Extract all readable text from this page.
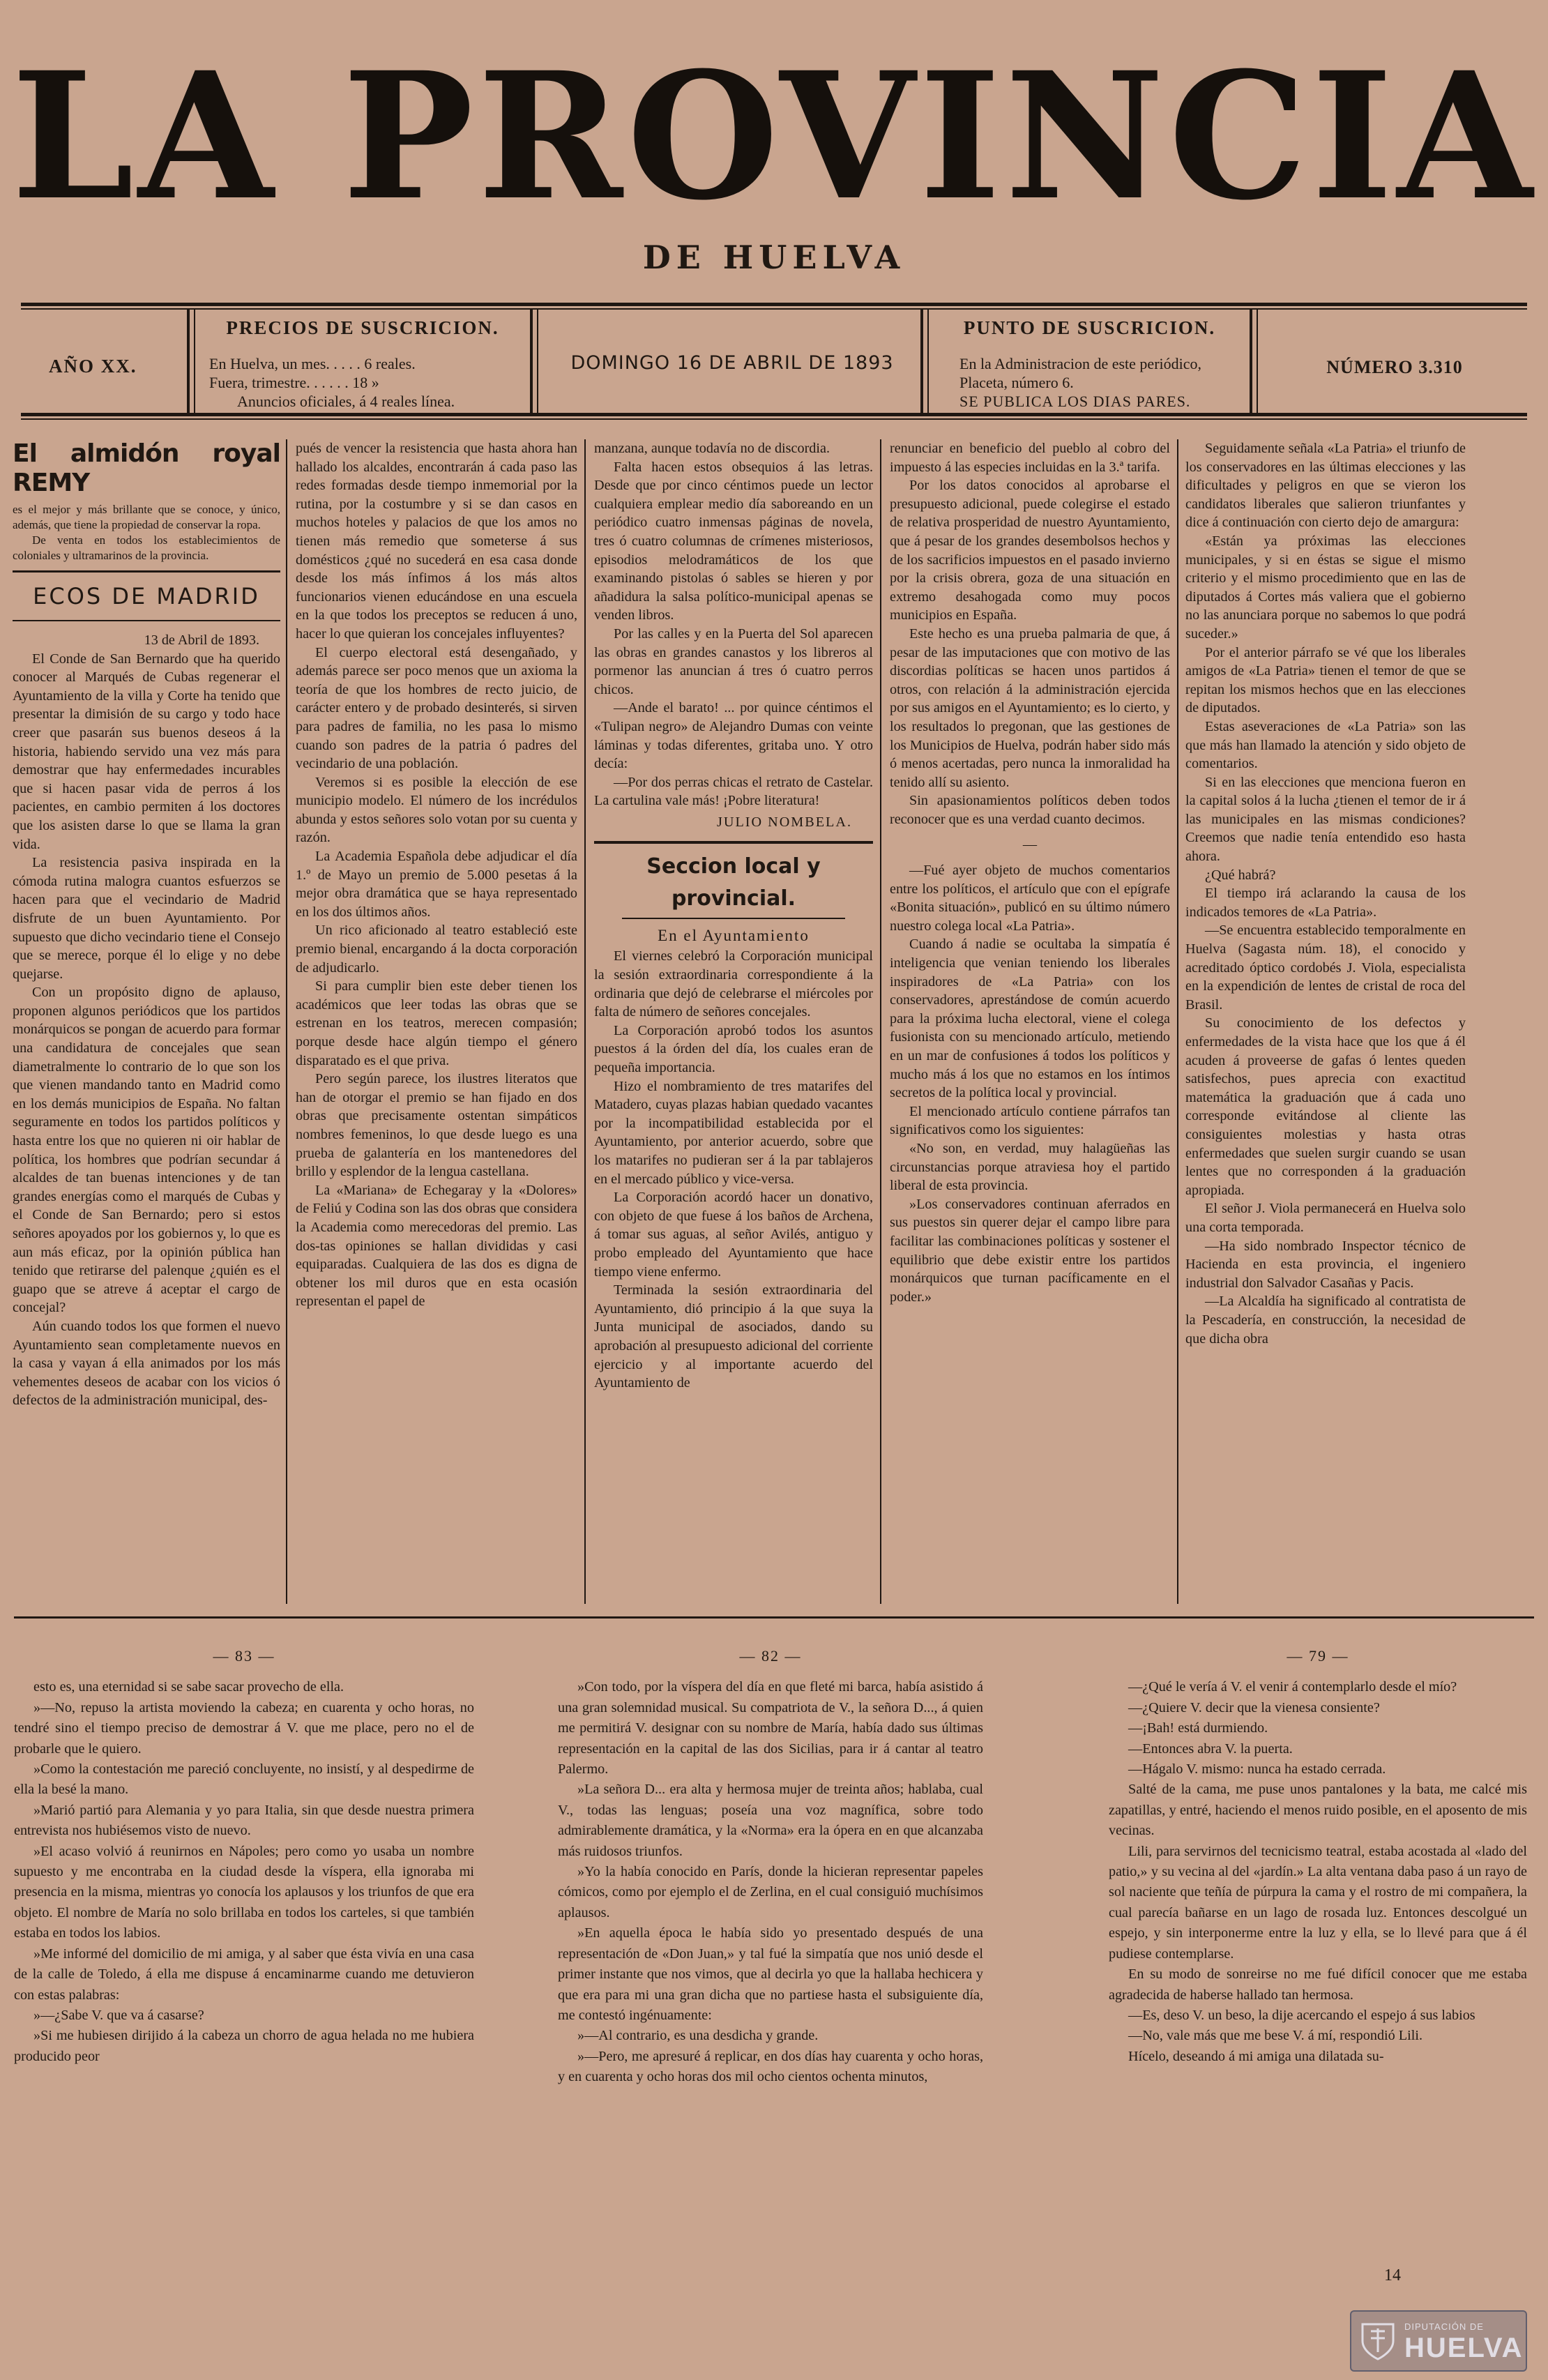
LA PROVINCIA
DE HUELVA
AÑO XX.
PRECIOS DE SUSCRICION.
En Huelva, un mes. . . . . 6 reales.
Fuera, trimestre. . . . . . 18 »
Anuncios oficiales, á 4 reales línea.
DOMINGO 16 DE ABRIL DE 1893
PUNTO DE SUSCRICION.
En la Administracion de este periódico,
Placeta, número 6.
SE PUBLICA LOS DIAS PARES.
NÚMERO 3.310
El almidón royal REMY

es el mejor y más brillante que se conoce, y único, además, que tiene la propiedad de conservar la ropa.

De venta en todos los establecimientos de coloniales y ultramarinos de la provincia.

ECOS DE MADRID

13 de Abril de 1893.

El Conde de San Bernardo que ha querido conocer al Marqués de Cubas regenerar el Ayuntamiento de la villa y Corte ha tenido que presentar la dimisión de su cargo y todo hace creer que pasarán sus buenos deseos á la historia, habiendo servido una vez más para demostrar que hay enfermedades incurables que si hacen pasar vida de perros á los pacientes, en cambio permiten á los doctores que los asisten darse lo que se llama la gran vida.

La resistencia pasiva inspirada en la cómoda rutina malogra cuantos esfuerzos se hacen para que el vecindario de Madrid disfrute de un buen Ayuntamiento. Por supuesto que dicho vecindario tiene el Consejo que se merece, porque él lo elige y no debe quejarse.

Con un propósito digno de aplauso, proponen algunos periódicos que los partidos monárquicos se pongan de acuerdo para formar una candidatura de concejales que sean diametralmente lo contrario de lo que son los que vienen mandando tanto en Madrid como en los demás municipios de España. No faltan seguramente en todos los partidos políticos y hasta entre los que no quieren ni oir hablar de política, los hombres que podrían secundar á alcaldes de tan buenas intenciones y de tan grandes energías como el marqués de Cubas y el Conde de San Bernardo; pero si estos señores apoyados por los gobiernos y, lo que es aun más eficaz, por la opinión pública han tenido que retirarse del palenque ¿quién es el guapo que se atreve á aceptar el cargo de concejal?

Aún cuando todos los que formen el nuevo Ayuntamiento sean completamente nuevos en la casa y vayan á ella animados por los más vehementes deseos de acabar con los vicios ó defectos de la administración municipal, des-

pués de vencer la resistencia que hasta ahora han hallado los alcaldes, encontrarán á cada paso las redes formadas desde tiempo inmemorial por la rutina, por la costumbre y si se dan casos en muchos hoteles y palacios de que los amos no tienen más remedio que someterse á sus domésticos ¿qué no sucederá en esa casa donde desde los más ínfimos á los más altos funcionarios vienen educándose en una escuela en la que todos los preceptos se reducen á uno, hacer lo que quieran los concejales influyentes?

El cuerpo electoral está desengañado, y además parece ser poco menos que un axioma la teoría de que los hombres de recto juicio, de carácter entero y de probado desinterés, si sirven para padres de familia, no les pasa lo mismo cuando son padres de la patria ó padres del vecindario de una población.

Veremos si es posible la elección de ese municipio modelo. El número de los incrédulos abunda y estos señores solo votan por su cuenta y razón.

La Academia Española debe adjudicar el día 1.º de Mayo un premio de 5.000 pesetas á la mejor obra dramática que se haya representado en los dos últimos años.

Un rico aficionado al teatro estableció este premio bienal, encargando á la docta corporación de adjudicarlo.

Si para cumplir bien este deber tienen los académicos que leer todas las obras que se estrenan en los teatros, merecen compasión; porque desde hace algún tiempo el género disparatado es el que priva.

Pero según parece, los ilustres literatos que han de otorgar el premio se han fijado en dos obras que precisamente ostentan simpáticos nombres femeninos, lo que desde luego es una prueba de galantería en los mantenedores del brillo y esplendor de la lengua castellana.

La «Mariana» de Echegaray y la «Dolores» de Feliú y Codina son las dos obras que considera la Academia como merecedoras del premio. Las dos-tas opiniones se hallan divididas y casi equiparadas. Cualquiera de las dos es digna de obtener los mil duros que en esta ocasión representan el papel de

manzana, aunque todavía no de discordia.

Falta hacen estos obsequios á las letras. Desde que por cinco céntimos puede un lector cualquiera emplear medio día saboreando en un periódico cuatro inmensas páginas de novela, tres ó cuatro columnas de crímenes misteriosos, episodios melodramáticos de los que examinando pistolas ó sables se hieren y por añadidura la salsa político-municipal apenas se venden libros.

Por las calles y en la Puerta del Sol aparecen las obras en grandes canastos y los libreros al pormenor las anuncian á tres ó cuatro perros chicos.

—Ande el barato! ... por quince céntimos el «Tulipan negro» de Alejandro Dumas con veinte láminas y todas diferentes, gritaba uno. Y otro decía:

—Por dos perras chicas el retrato de Castelar. La cartulina vale más! ¡Pobre literatura!

JULIO NOMBELA.

Seccion local y provincial.
En el Ayuntamiento

El viernes celebró la Corporación municipal la sesión extraordinaria correspondiente á la ordinaria que dejó de celebrarse el miércoles por falta de número de señores concejales.

La Corporación aprobó todos los asuntos puestos á la órden del día, los cuales eran de pequeña importancia.

Hizo el nombramiento de tres matarifes del Matadero, cuyas plazas habian quedado vacantes por la incompatibilidad establecida por el Ayuntamiento, por anterior acuerdo, sobre que los matarifes no pudieran ser á la par tablajeros en el mercado público y vice-versa.

La Corporación acordó hacer un donativo, con objeto de que fuese á los baños de Archena, á tomar sus aguas, al señor Avilés, antiguo y probo empleado del Ayuntamiento que hace tiempo viene enfermo.

Terminada la sesión extraordinaria del Ayuntamiento, dió principio á la que suya la Junta municipal de asociados, dando su aprobación al presupuesto adicional del corriente ejercicio y al importante acuerdo del Ayuntamiento de

renunciar en beneficio del pueblo al cobro del impuesto á las especies incluidas en la 3.ª tarifa.

Por los datos conocidos al aprobarse el presupuesto adicional, puede colegirse el estado de relativa prosperidad de nuestro Ayuntamiento, que á pesar de los grandes desembolsos hechos y de los sacrificios impuestos en el pasado invierno por la crisis obrera, goza de una situación en extremo desahogada como muy pocos municipios en España.

Este hecho es una prueba palmaria de que, á pesar de las imputaciones que con motivo de las discordias políticas se hacen unos partidos á otros, con relación á la administración ejercida por sus amigos en el Ayuntamiento; es lo cierto, y los resultados lo pregonan, que las gestiones de los Municipios de Huelva, podrán haber sido más ó menos acertadas, pero nunca la inmoralidad ha tenido allí su asiento.

Sin apasionamientos políticos deben todos reconocer que es una verdad cuanto decimos.

—

—Fué ayer objeto de muchos comentarios entre los políticos, el artículo que con el epígrafe «Bonita situación», publicó en su último número nuestro colega local «La Patria».

Cuando á nadie se ocultaba la simpatía é inteligencia que venian teniendo los liberales inspiradores de «La Patria» con los conservadores, aprestándose de común acuerdo para la próxima lucha electoral, viene el colega fusionista con su mencionado artículo, metiendo en un mar de confusiones á todos los políticos y mucho más á los que no estamos en los íntimos secretos de la política local y provincial.

El mencionado artículo contiene párrafos tan significativos como los siguientes:

«No son, en verdad, muy halagüeñas las circunstancias porque atraviesa hoy el partido liberal de esta provincia.

»Los conservadores continuan aferrados en sus puestos sin querer dejar el campo libre para facilitar las combinaciones políticas y sostener el equilibrio que debe existir entre los partidos monárquicos que turnan pacíficamente en el poder.»

Seguidamente señala «La Patria» el triunfo de los conservadores en las últimas elecciones y las dificultades y peligros en que se vieron los candidatos liberales que salieron triunfantes y dice á continuación con cierto dejo de amargura:

«Están ya próximas las elecciones municipales, y si en éstas se sigue el mismo criterio y el mismo procedimiento que en las de diputados á Cortes más valiera que el gobierno no las anunciara porque no sabemos lo que podrá suceder.»

Por el anterior párrafo se vé que los liberales amigos de «La Patria» tienen el temor de que se repitan los mismos hechos que en las elecciones de diputados.

Estas aseveraciones de «La Patria» son las que más han llamado la atención y sido objeto de comentarios.

Si en las elecciones que menciona fueron en la capital solos á la lucha ¿tienen el temor de ir á las municipales en las mismas condiciones? Creemos que nadie tenía entendido eso hasta ahora.

¿Qué habrá?

El tiempo irá aclarando la causa de los indicados temores de «La Patria».

—Se encuentra establecido temporalmente en Huelva (Sagasta núm. 18), el conocido y acreditado óptico cordobés J. Viola, especialista en la expendición de lentes de cristal de roca del Brasil.

Su conocimiento de los defectos y enfermedades de la vista hace que los que á él acuden á proveerse de gafas ó lentes queden satisfechos, pues aprecia con exactitud matemática la graduación que á cada uno corresponde evitándose al cliente las consiguientes molestias y hasta otras enfermedades que suelen surgir cuando se usan lentes que no corresponden á la graduación apropiada.

El señor J. Viola permanecerá en Huelva solo una corta temporada.

—Ha sido nombrado Inspector técnico de Hacienda en esta provincia, el ingeniero industrial don Salvador Casañas y Pacis.

—La Alcaldía ha significado al contratista de la Pescadería, en construcción, la necesidad de que dicha obra

— 83 —

esto es, una eternidad si se sabe sacar provecho de ella.

»—No, repuso la artista moviendo la cabeza; en cuarenta y ocho horas, no tendré sino el tiempo preciso de demostrar á V. que me place, pero no el de probarle que le quiero.

»Como la contestación me pareció concluyente, no insistí, y al despedirme de ella la besé la mano.

»Marió partió para Alemania y yo para Italia, sin que desde nuestra primera entrevista nos hubiésemos visto de nuevo.

»El acaso volvió á reunirnos en Nápoles; pero como yo usaba un nombre supuesto y me encontraba en la ciudad desde la víspera, ella ignoraba mi presencia en la misma, mientras yo conocía los aplausos y los triunfos de que era objeto. El nombre de María no solo brillaba en todos los carteles, si que también estaba en todos los labios.

»Me informé del domicilio de mi amiga, y al saber que ésta vivía en una casa de la calle de Toledo, á ella me dispuse á encaminarme cuando me detuvieron con estas palabras:

»—¿Sabe V. que va á casarse?

»Si me hubiesen dirijido á la cabeza un chorro de agua helada no me hubiera producido peor

— 82 —

»Con todo, por la víspera del día en que fleté mi barca, había asistido á una gran solemnidad musical. Su compatriota de V., la señora D..., á quien me permitirá V. designar con su nombre de María, había dado sus últimas representación en la capital de las dos Sicilias, para ir á cantar al teatro Palermo.

»La señora D... era alta y hermosa mujer de treinta años; hablaba, cual V., todas las lenguas; poseía una voz magnífica, sobre todo admirablemente dramática, y la «Norma» era la ópera en en que alcanzaba más ruidosos triunfos.

»Yo la había conocido en París, donde la hicieran representar papeles cómicos, como por ejemplo el de Zerlina, en el cual consiguió muchísimos aplausos.

»En aquella época le había sido yo presentado después de una representación de «Don Juan,» y tal fué la simpatía que nos unió desde el primer instante que nos vimos, que al decirla yo que la hallaba hechicera y que era para mi una gran dicha que no partiese hasta el subsiguiente día, me contestó ingénuamente:

»—Al contrario, es una desdicha y grande.

»—Pero, me apresuré á replicar, en dos días hay cuarenta y ocho horas, y en cuarenta y ocho horas dos mil ocho cientos ochenta minutos,

— 79 —

—¿Qué le vería á V. el venir á contemplarlo desde el mío?

—¿Quiere V. decir que la vienesa consiente?

—¡Bah! está durmiendo.

—Entonces abra V. la puerta.

—Hágalo V. mismo: nunca ha estado cerrada.

Salté de la cama, me puse unos pantalones y la bata, me calcé mis zapatillas, y entré, haciendo el menos ruido posible, en el aposento de mis vecinas.

Lili, para servirnos del tecnicismo teatral, estaba acostada al «lado del patio,» y su vecina al del «jardín.» La alta ventana daba paso á un rayo de sol naciente que teñía de púrpura la cama y el rostro de mi compañera, la cual parecía bañarse en un lago de rosada luz. Entonces descolgué un espejo, y sin interponerme entre la luz y ella, se lo llevé para que á él pudiese contemplarse.

En su modo de sonreirse no me fué difícil conocer que me estaba agradecida de haberse hallado tan hermosa.

—Es, deso V. un beso, la dije acercando el espejo á sus labios

—No, vale más que me bese V. á mí, respondió Lili.

Hícelo, deseando á mi amiga una dilatada su-

14
DIPUTACIÓN DE
HUELVA
